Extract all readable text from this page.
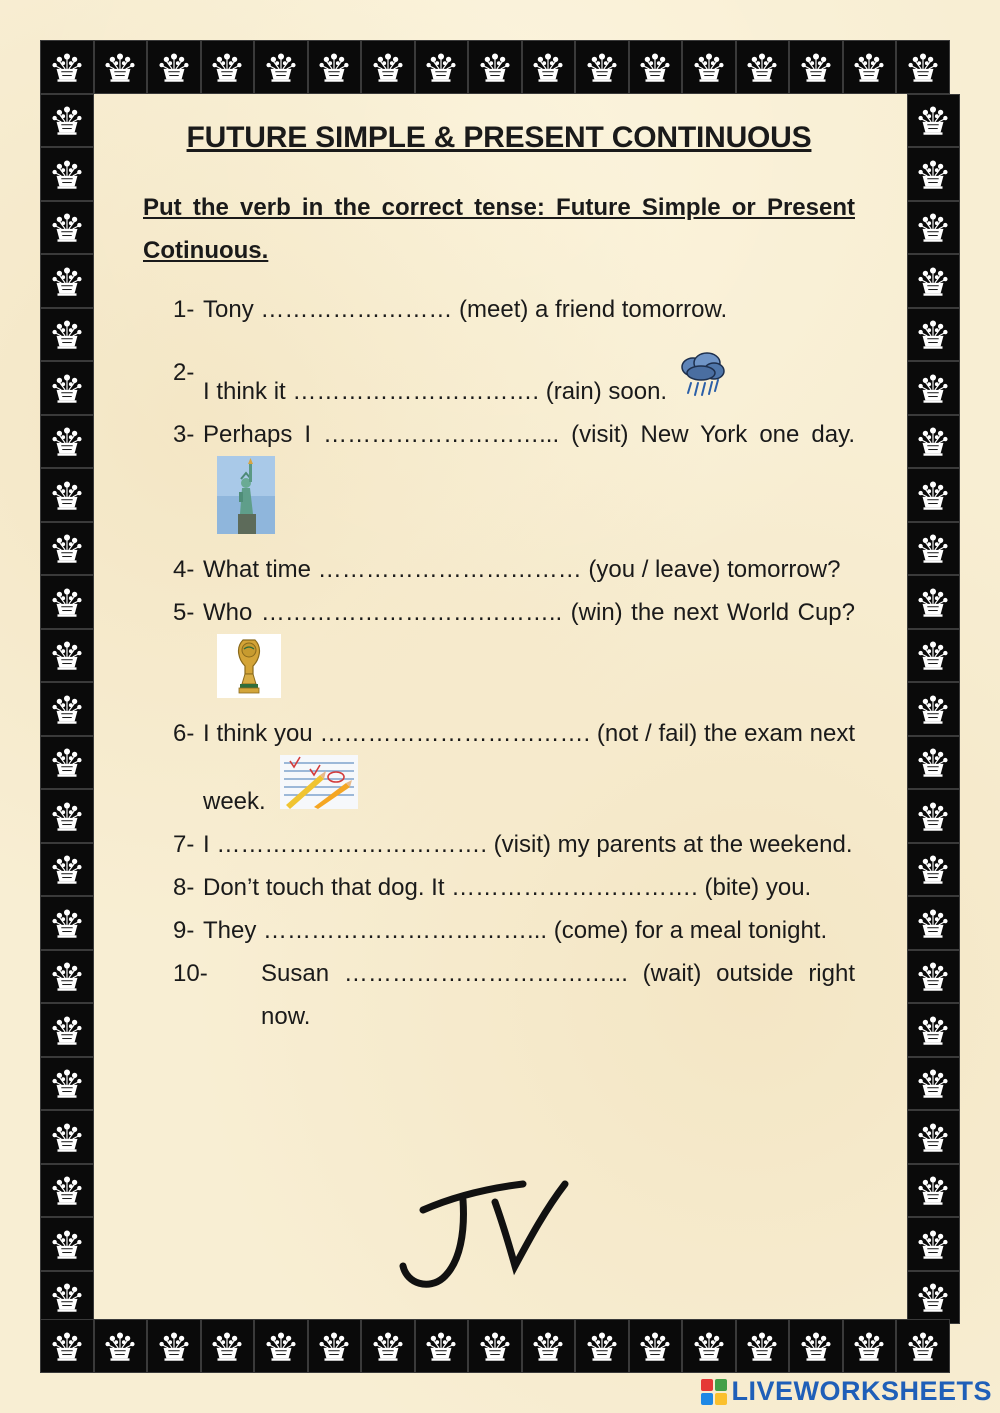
FUTURE SIMPLE & PRESENT CONTINUOUS

Put the verb in the correct tense: Future Simple or Present Cotinuous.

1- Tony …………………… (meet) a friend tomorrow.
2-
I think it …………………………. (rain) soon.
3- Perhaps I ………………………... (visit) New York one day.
4- What time …………………………… (you / leave) tomorrow?
5- Who ……………………………….. (win) the next World Cup?
6- I think you ……………………………. (not / fail) the exam next week.
7- I ……………………………. (visit) my parents at the weekend.
8- Don’t touch that dog. It …………………………. (bite) you.
9- They ……………………………... (come) for a meal tonight.
10-	Susan ……………………………... (wait) outside right now.
LIVEWORKSHEETS
